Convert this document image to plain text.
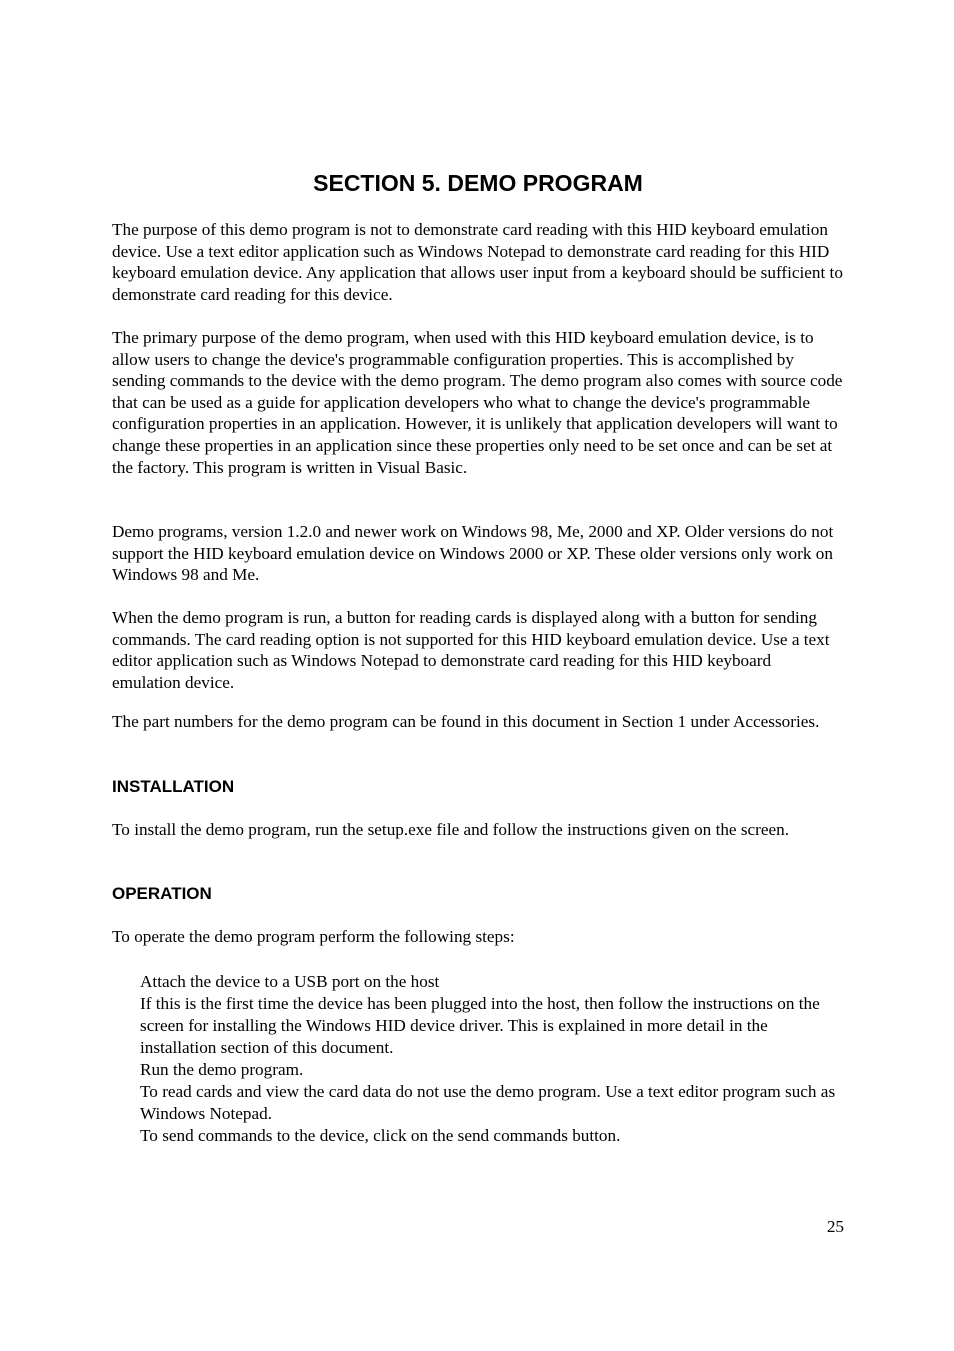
SECTION 5. DEMO PROGRAM

The purpose of this demo program is not to demonstrate card reading with this HID keyboard emulation device. Use a text editor application such as Windows Notepad to demonstrate card reading for this HID keyboard emulation device. Any application that allows user input from a keyboard should be sufficient to demonstrate card reading for this device.

The primary purpose of the demo program, when used with this HID keyboard emulation device, is to allow users to change the device's programmable configuration properties. This is accomplished by sending commands to the device with the demo program. The demo program also comes with source code that can be used as a guide for application developers who what to change the device's programmable configuration properties in an application. However, it is unlikely that application developers will want to change these properties in an application since these properties only need to be set once and can be set at the factory. This program is written in Visual Basic.

Demo programs, version 1.2.0 and newer work on Windows 98, Me, 2000 and XP. Older versions do not support the HID keyboard emulation device on Windows 2000 or XP. These older versions only work on Windows 98 and Me.

When the demo program is run, a button for reading cards is displayed along with a button for sending commands. The card reading option is not supported for this HID keyboard emulation device. Use a text editor application such as Windows Notepad to demonstrate card reading for this HID keyboard emulation device.

The part numbers for the demo program can be found in this document in Section 1 under Accessories.

INSTALLATION

To install the demo program, run the setup.exe file and follow the instructions given on the screen.

OPERATION

To operate the demo program perform the following steps:

Attach the device to a USB port on the host
If this is the first time the device has been plugged into the host, then follow the instructions on the screen for installing the Windows HID device driver. This is explained in more detail in the installation section of this document.
Run the demo program.
To read cards and view the card data do not use the demo program. Use a text editor program such as Windows Notepad.
To send commands to the device, click on the send commands button.

25
